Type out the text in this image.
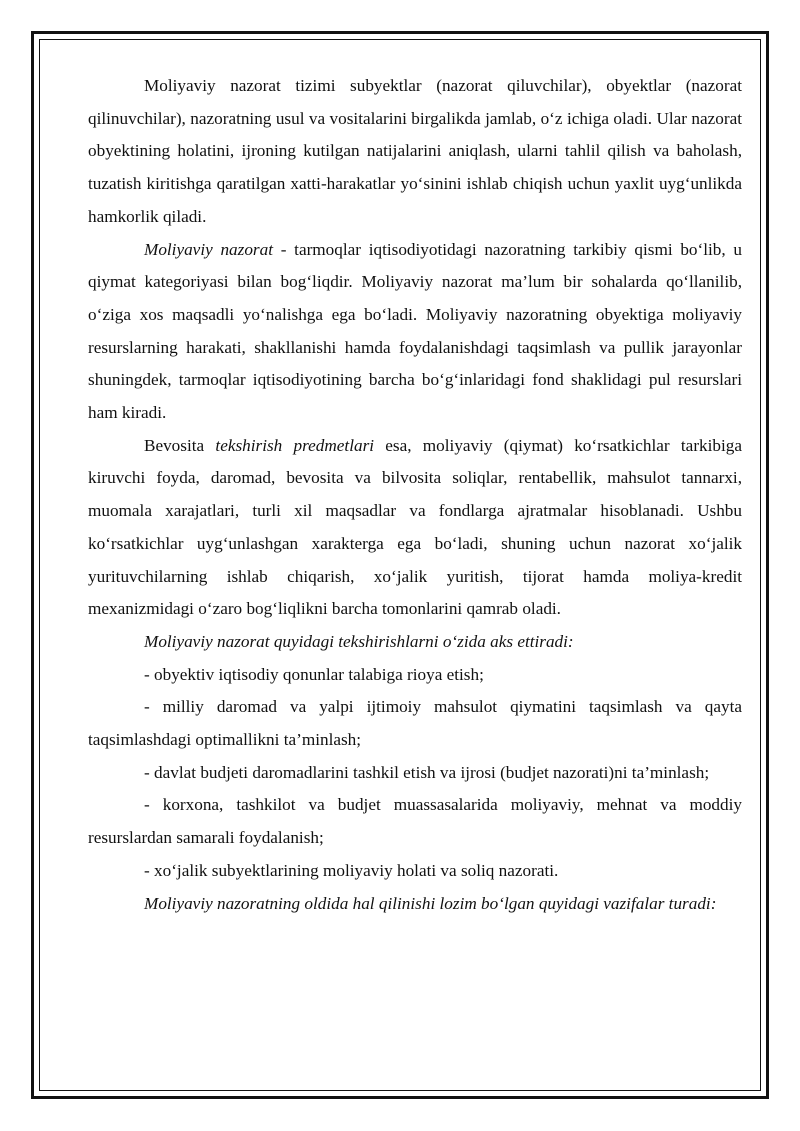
Moliyaviy nazorat tizimi subyektlar (nazorat qiluvchilar), obyektlar (nazorat qilinuvchilar), nazoratning usul va vositalarini birgalikda jamlab, o‘z ichiga oladi. Ular nazorat obyektining holatini, ijroning kutilgan natijalarini aniqlash, ularni tahlil qilish va baholash, tuzatish kiritishga qaratilgan xatti-harakatlar yo‘sinini ishlab chiqish uchun yaxlit uyg‘unlikda hamkorlik qiladi.

Moliyaviy nazorat - tarmoqlar iqtisodiyotidagi nazoratning tarkibiy qismi bo‘lib, u qiymat kategoriyasi bilan bog‘liqdir. Moliyaviy nazorat ma’lum bir sohalarda qo‘llanilib, o‘ziga xos maqsadli yo‘nalishga ega bo‘ladi. Moliyaviy nazoratning obyektiga moliyaviy resurslarning harakati, shakllanishi hamda foydalanishdagi taqsimlash va pullik jarayonlar shuningdek, tarmoqlar iqtisodiyotining barcha bo‘g‘inlaridagi fond shaklidagi pul resurslari ham kiradi.

Bevosita tekshirish predmetlari esa, moliyaviy (qiymat) ko‘rsatkichlar tarkibiga kiruvchi foyda, daromad, bevosita va bilvosita soliqlar, rentabellik, mahsulot tannarxi, muomala xarajatlari, turli xil maqsadlar va fondlarga ajratmalar hisoblanadi. Ushbu ko‘rsatkichlar uyg‘unlashgan xarakterga ega bo‘ladi, shuning uchun nazorat xo‘jalik yurituvchilarning ishlab chiqarish, xo‘jalik yuritish, tijorat hamda moliya-kredit mexanizmidagi o‘zaro bog‘liqlikni barcha tomonlarini qamrab oladi.

Moliyaviy nazorat quyidagi tekshirishlarni o‘zida aks ettiradi:

- obyektiv iqtisodiy qonunlar talabiga rioya etish;

- milliy daromad va yalpi ijtimoiy mahsulot qiymatini taqsimlash va qayta taqsimlashdagi optimallikni ta’minlash;

- davlat budjeti daromadlarini tashkil etish va ijrosi (budjet nazorati)ni ta’minlash;

- korxona, tashkilot va budjet muassasalarida moliyaviy, mehnat va moddiy resurslardan samarali foydalanish;

- xo‘jalik subyektlarining moliyaviy holati va soliq nazorati.

Moliyaviy nazoratning oldida hal qilinishi lozim bo‘lgan quyidagi vazifalar turadi:
